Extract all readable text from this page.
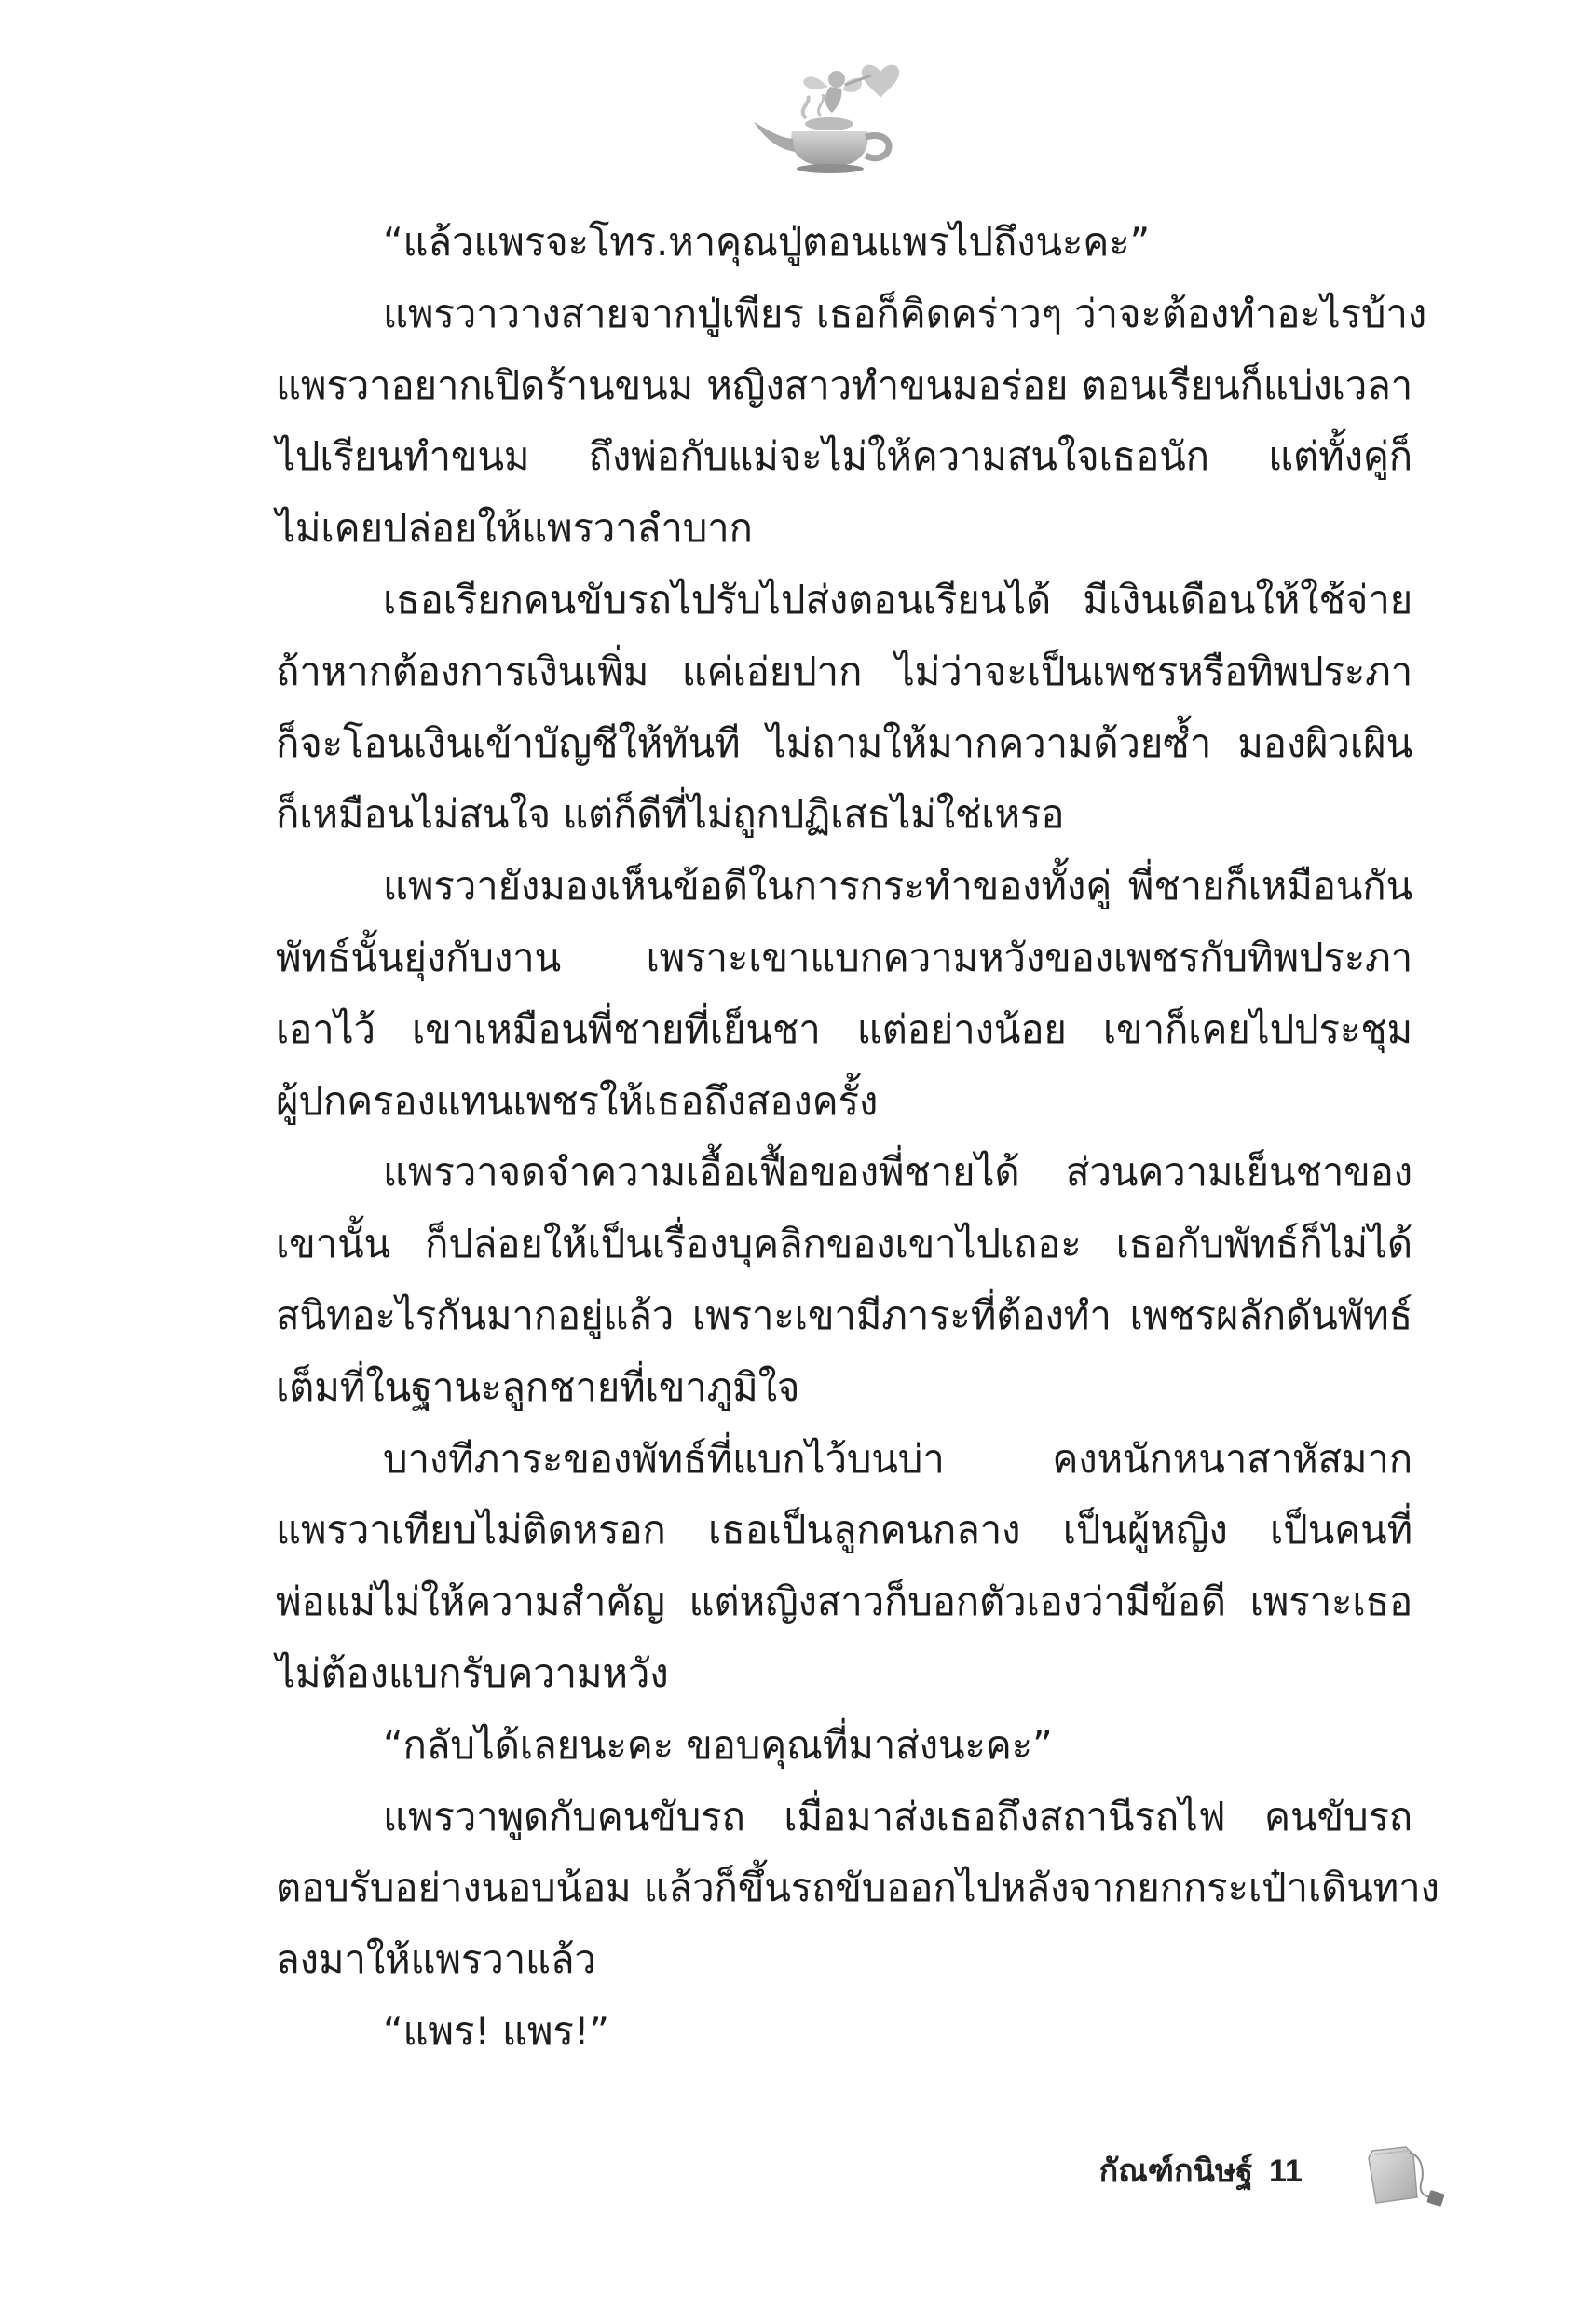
“แล้วแพรจะโทร.หาคุณปู่ตอนแพรไปถึงนะคะ”
แพรวาวางสายจากปู่เพียร เธอก็คิดคร่าวๆ ว่าจะต้องทำอะไรบ้าง
แพรวาอยากเปิดร้านขนม หญิงสาวทำขนมอร่อย ตอนเรียนก็แบ่งเวลา
ไปเรียนทำขนม ถึงพ่อกับแม่จะไม่ให้ความสนใจเธอนัก แต่ทั้งคู่ก็
ไม่เคยปล่อยให้แพรวาลำบาก
เธอเรียกคนขับรถไปรับไปส่งตอนเรียนได้ มีเงินเดือนให้ใช้จ่าย
ถ้าหากต้องการเงินเพิ่ม แค่เอ่ยปาก ไม่ว่าจะเป็นเพชรหรือทิพประภา
ก็จะโอนเงินเข้าบัญชีให้ทันที ไม่ถามให้มากความด้วยซ้ำ มองผิวเผิน
ก็เหมือนไม่สนใจ แต่ก็ดีที่ไม่ถูกปฏิเสธไม่ใช่เหรอ
แพรวายังมองเห็นข้อดีในการกระทำของทั้งคู่ พี่ชายก็เหมือนกัน
พัทธ์นั้นยุ่งกับงาน เพราะเขาแบกความหวังของเพชรกับทิพประภา
เอาไว้ เขาเหมือนพี่ชายที่เย็นชา แต่อย่างน้อย เขาก็เคยไปประชุม
ผู้ปกครองแทนเพชรให้เธอถึงสองครั้ง
แพรวาจดจำความเอื้อเฟื้อของพี่ชายได้ ส่วนความเย็นชาของ
เขานั้น ก็ปล่อยให้เป็นเรื่องบุคลิกของเขาไปเถอะ เธอกับพัทธ์ก็ไม่ได้
สนิทอะไรกันมากอยู่แล้ว เพราะเขามีภาระที่ต้องทำ เพชรผลักดันพัทธ์
เต็มที่ในฐานะลูกชายที่เขาภูมิใจ
บางทีภาระของพัทธ์ที่แบกไว้บนบ่า คงหนักหนาสาหัสมาก
แพรวาเทียบไม่ติดหรอก เธอเป็นลูกคนกลาง เป็นผู้หญิง เป็นคนที่
พ่อแม่ไม่ให้ความสำคัญ แต่หญิงสาวก็บอกตัวเองว่ามีข้อดี เพราะเธอ
ไม่ต้องแบกรับความหวัง
“กลับได้เลยนะคะ ขอบคุณที่มาส่งนะคะ”
แพรวาพูดกับคนขับรถ เมื่อมาส่งเธอถึงสถานีรถไฟ คนขับรถ
ตอบรับอย่างนอบน้อม แล้วก็ขึ้นรถขับออกไปหลังจากยกกระเป๋าเดินทาง
ลงมาให้แพรวาแล้ว
“แพร! แพร!”
กัณฑ์กนิษฐ์ 11
